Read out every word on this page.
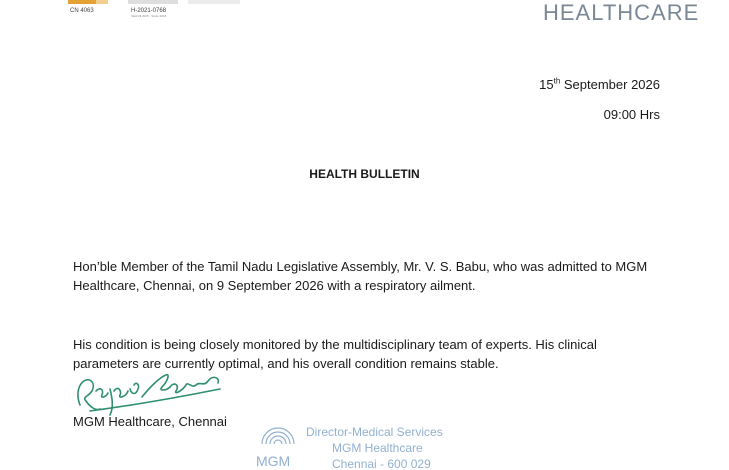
CN 4063	H-2021-0768
Valid till 2025 · Since 2018	HEALTHCARE
15th September 2026
09:00 Hrs
HEALTH BULLETIN
Hon’ble Member of the Tamil Nadu Legislative Assembly, Mr. V. S. Babu, who was admitted to MGM Healthcare, Chennai, on 9 September 2026 with a respiratory ailment.
His condition is being closely monitored by the multidisciplinary team of experts. His clinical parameters are currently optimal, and his overall condition remains stable.
MGM Healthcare, Chennai
MGM
Director-Medical Services
MGM Healthcare
Chennai - 600 029
